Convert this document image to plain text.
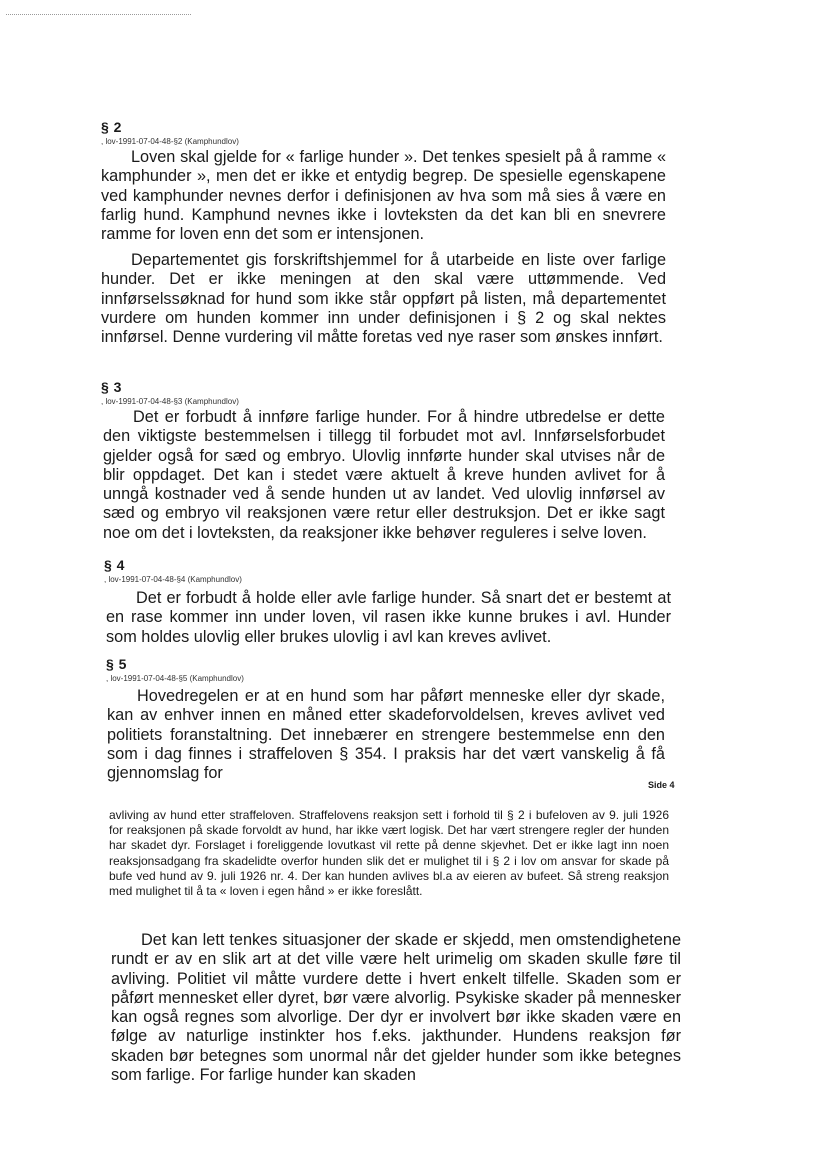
§ 2
, lov-1991-07-04-48-§2 (Kamphundlov)

Loven skal gjelde for « farlige hunder ». Det tenkes spesielt på å ramme « kamphunder », men det er ikke et entydig begrep. De spesielle egenskapene ved kamphunder nevnes derfor i definisjonen av hva som må sies å være en farlig hund. Kamphund nevnes ikke i lovteksten da det kan bli en snevrere ramme for loven enn det som er intensjonen.

Departementet gis forskriftshjemmel for å utarbeide en liste over farlige hunder. Det er ikke meningen at den skal være uttømmende. Ved innførselssøknad for hund som ikke står oppført på listen, må departementet vurdere om hunden kommer inn under definisjonen i § 2 og skal nektes innførsel. Denne vurdering vil måtte foretas ved nye raser som ønskes innført.

§ 3
, lov-1991-07-04-48-§3 (Kamphundlov)

Det er forbudt å innføre farlige hunder. For å hindre utbredelse er dette den viktigste bestemmelsen i tillegg til forbudet mot avl. Innførselsforbudet gjelder også for sæd og embryo. Ulovlig innførte hunder skal utvises når de blir oppdaget. Det kan i stedet være aktuelt å kreve hunden avlivet for å unngå kostnader ved å sende hunden ut av landet. Ved ulovlig innførsel av sæd og embryo vil reaksjonen være retur eller destruksjon. Det er ikke sagt noe om det i lovteksten, da reaksjoner ikke behøver reguleres i selve loven.

§ 4
, lov-1991-07-04-48-§4 (Kamphundlov)

Det er forbudt å holde eller avle farlige hunder. Så snart det er bestemt at en rase kommer inn under loven, vil rasen ikke kunne brukes i avl. Hunder som holdes ulovlig eller brukes ulovlig i avl kan kreves avlivet.

§ 5
, lov-1991-07-04-48-§5 (Kamphundlov)

Hovedregelen er at en hund som har påført menneske eller dyr skade, kan av enhver innen en måned etter skadeforvoldelsen, kreves avlivet ved politiets foranstaltning. Det innebærer en strengere bestemmelse enn den som i dag finnes i straffeloven § 354. I praksis har det vært vanskelig å få gjennomslag for

Side 4

avliving av hund etter straffeloven. Straffelovens reaksjon sett i forhold til § 2 i bufeloven av 9. juli 1926 for reaksjonen på skade forvoldt av hund, har ikke vært logisk. Det har vært strengere regler der hunden har skadet dyr. Forslaget i foreliggende lovutkast vil rette på denne skjevhet. Det er ikke lagt inn noen reaksjonsadgang fra skadelidte overfor hunden slik det er mulighet til i § 2 i lov om ansvar for skade på bufe ved hund av 9. juli 1926 nr. 4. Der kan hunden avlives bl.a av eieren av bufeet. Så streng reaksjon med mulighet til å ta « loven i egen hånd » er ikke foreslått.

Det kan lett tenkes situasjoner der skade er skjedd, men omstendighetene rundt er av en slik art at det ville være helt urimelig om skaden skulle føre til avliving. Politiet vil måtte vurdere dette i hvert enkelt tilfelle. Skaden som er påført mennesket eller dyret, bør være alvorlig. Psykiske skader på mennesker kan også regnes som alvorlige. Der dyr er involvert bør ikke skaden være en følge av naturlige instinkter hos f.eks. jakthunder. Hundens reaksjon før skaden bør betegnes som unormal når det gjelder hunder som ikke betegnes som farlige. For farlige hunder kan skaden
